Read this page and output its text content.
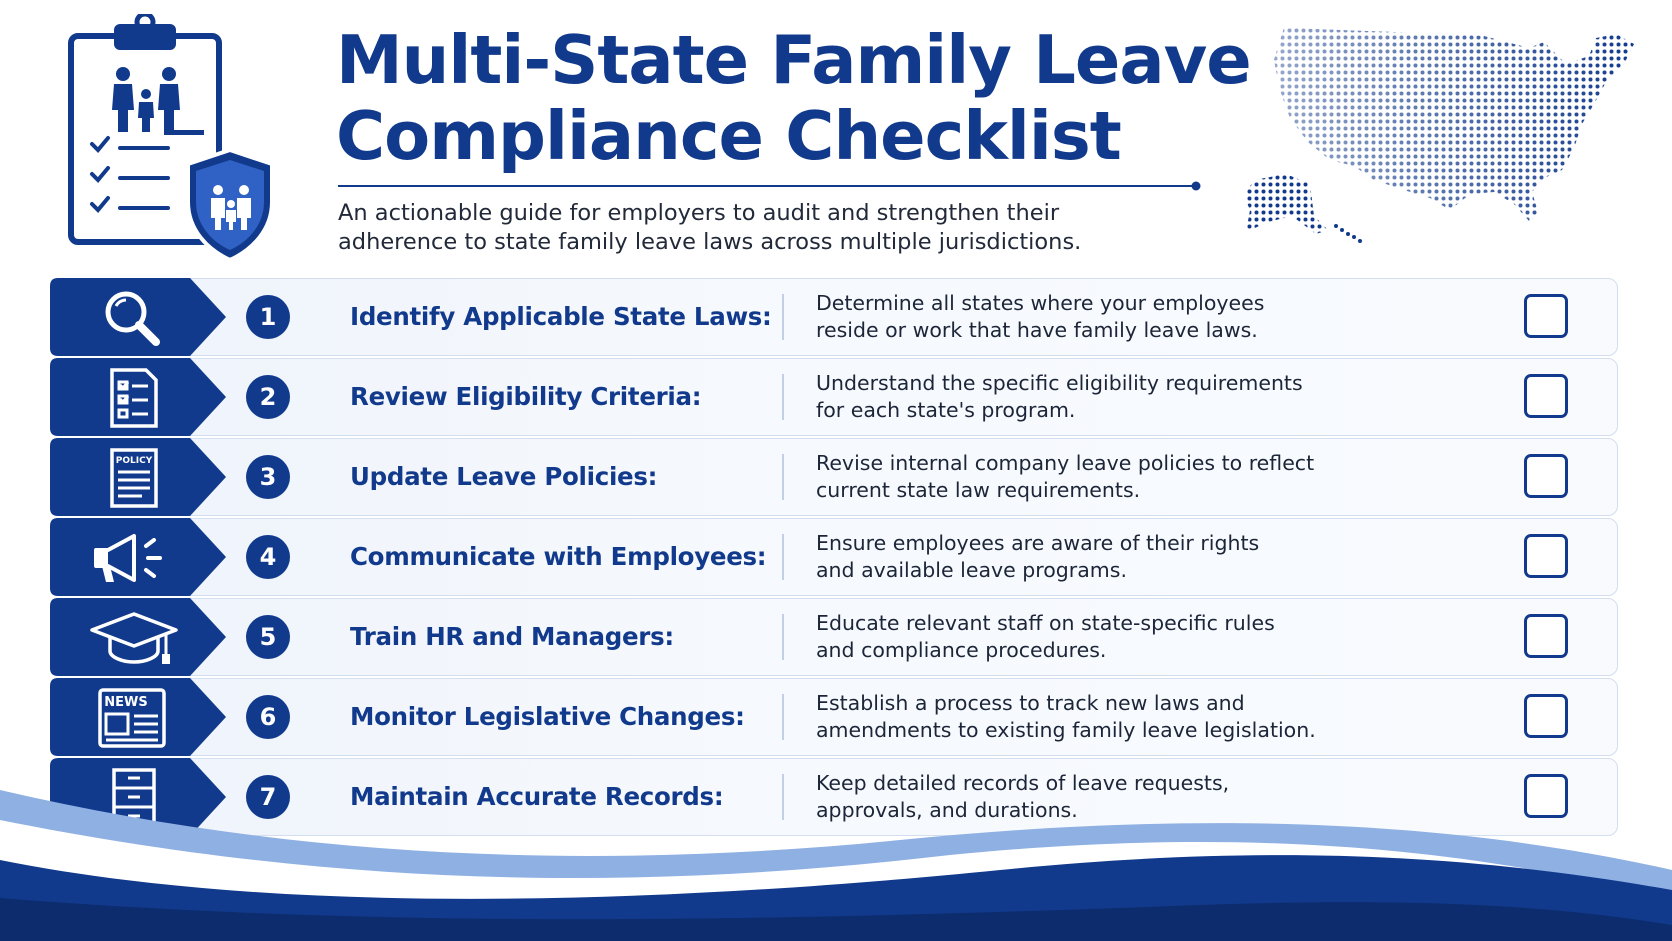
Multi-State Family Leave
Compliance Checklist

An actionable guide for employers to audit and strengthen their
adherence to state family leave laws across multiple jurisdictions.

1	Identify Applicable State Laws: Determine all states where your employees
reside or work that have family leave laws.
2	Review Eligibility Criteria:	Understand the specific eligibility requirements
for each state's program.
POLICY
3	Update Leave Policies:	Revise internal company leave policies to reflect
current state law requirements.
4	Communicate with Employees: Ensure employees are aware of their rights
and available leave programs.
5	Train HR and Managers:	Educate relevant staff on state-specific rules
and compliance procedures.
NEWS
6	Monitor Legislative Changes:	Establish a process to track new laws and
amendments to existing family leave legislation.
7	Maintain Accurate Records:	Keep detailed records of leave requests,
approvals, and durations.
